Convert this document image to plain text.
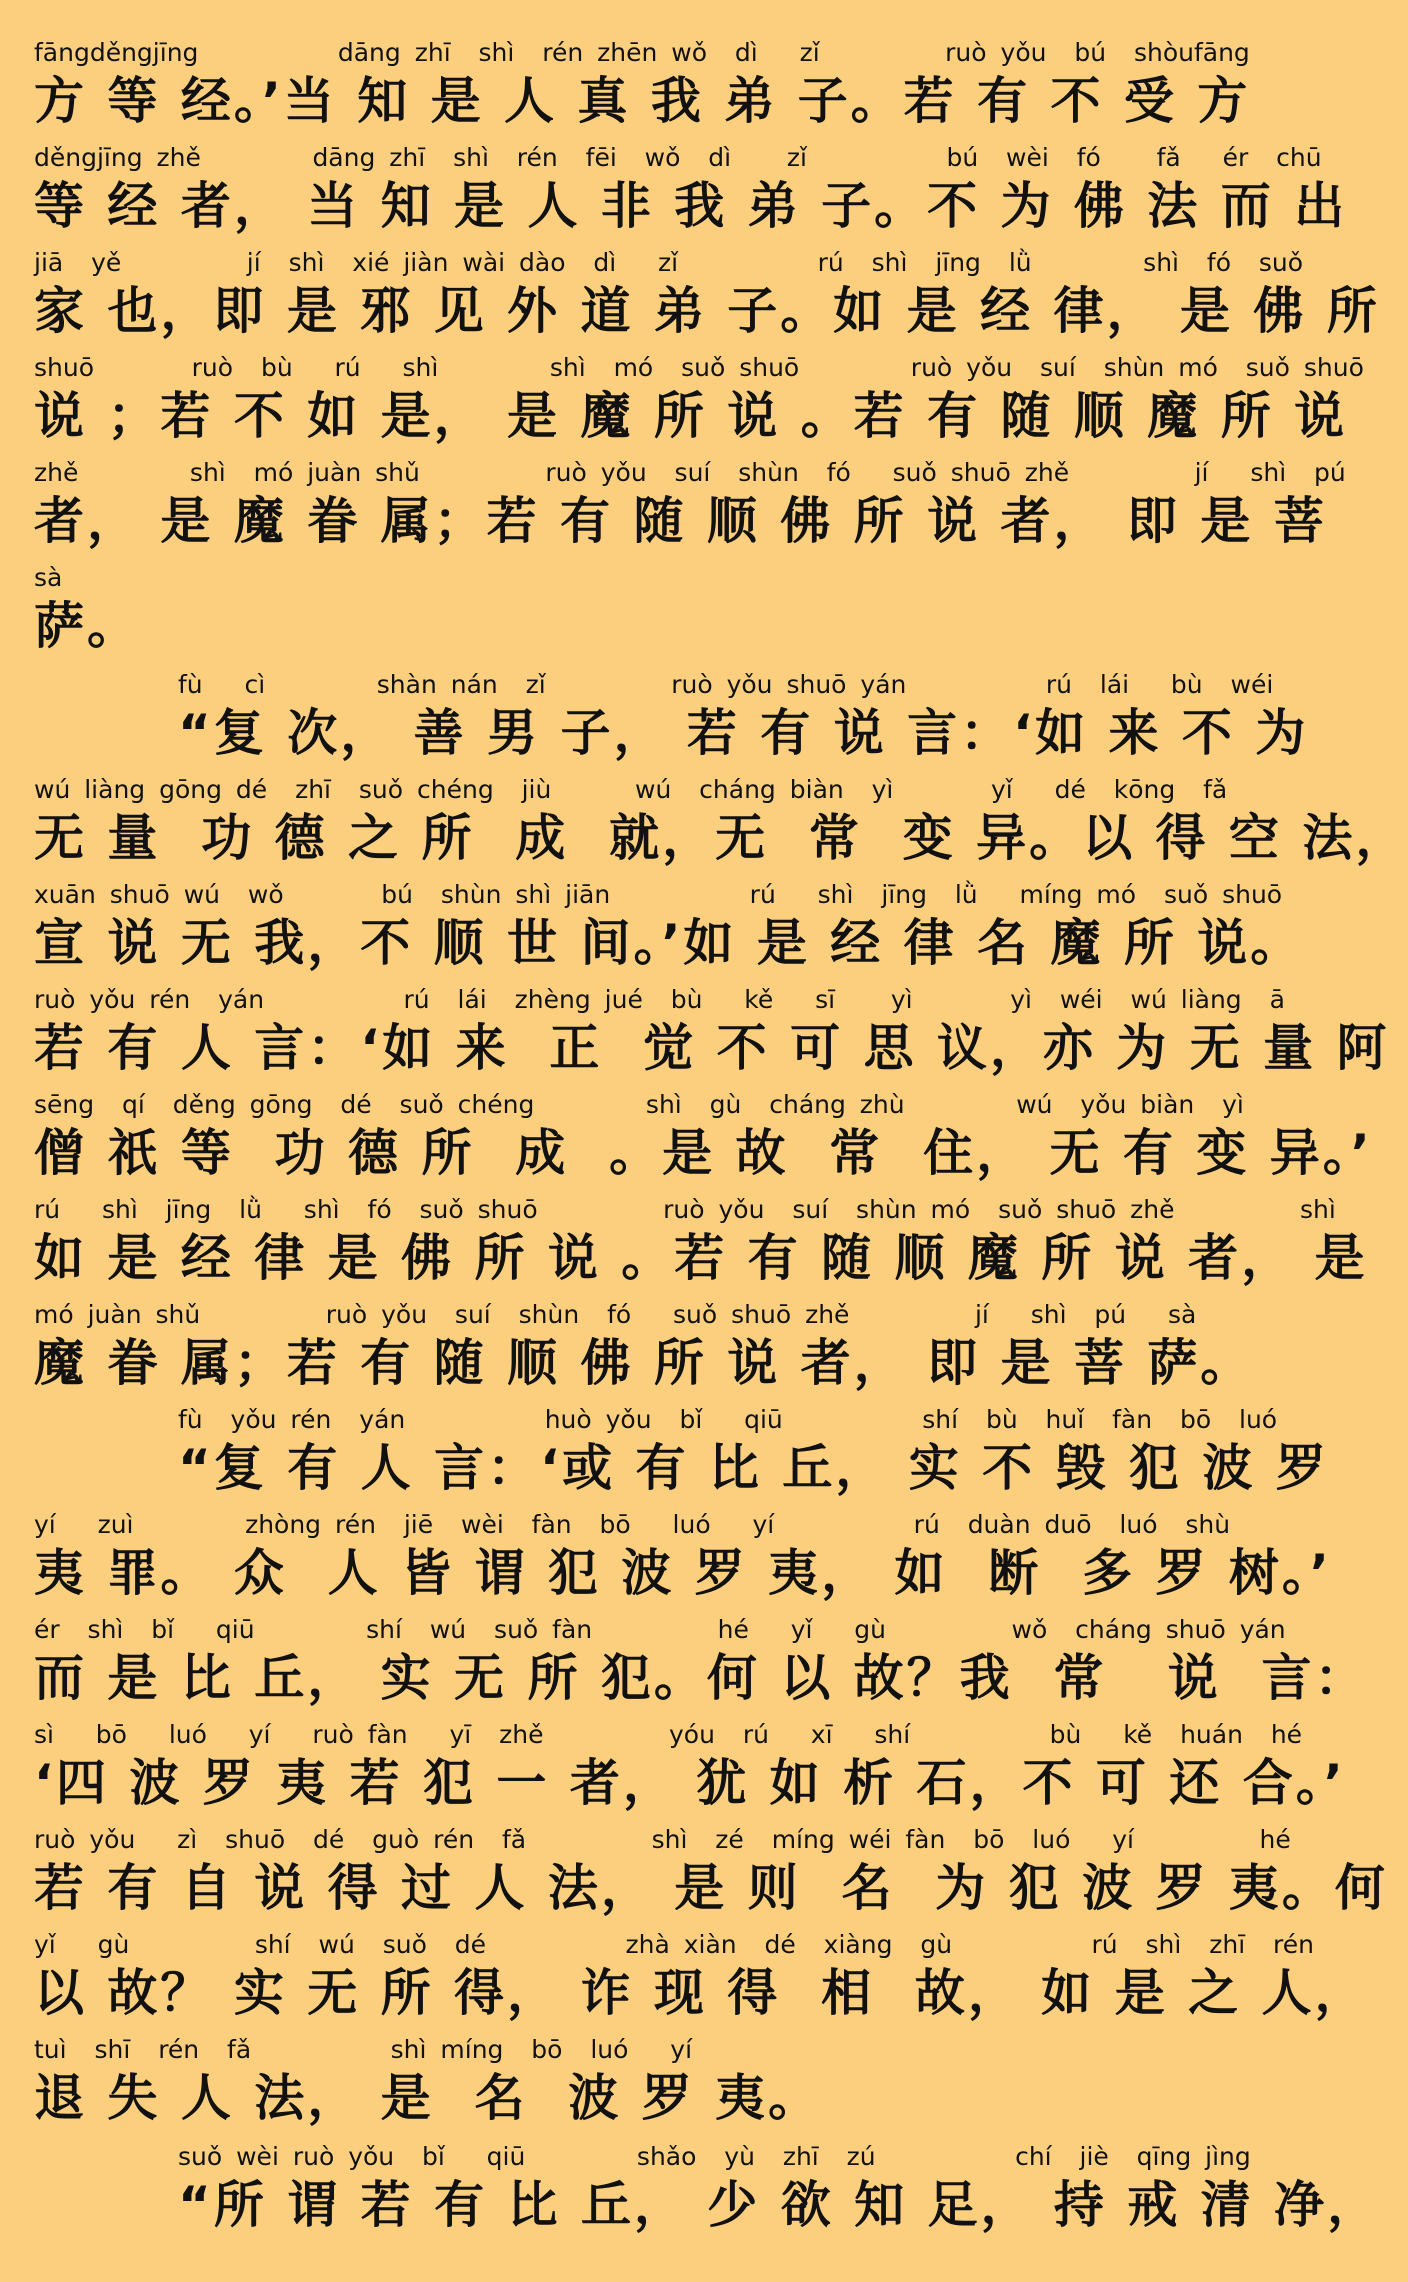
fāngděngjīng          dāng zhī  shì  rén zhēn wǒ  dì   zǐ         ruò yǒu  bú  shòufāng
方 等 经。’当 知 是 人 真 我 弟 子。若 有 不 受 方
děngjīng zhě        dāng zhī  shì  rén  fēi  wǒ  dì    zǐ          bú  wèi  fó    fǎ   ér  chū
等 经 者， 当 知 是 人 非 我 弟 子。不 为 佛 法 而 出
jiā  yě         jí  shì  xié jiàn wài dào  dì   zǐ          rú  shì  jīng  lǜ        shì  fó  suǒ
家 也，即 是 邪 见 外 道 弟 子。如 是 经 律， 是 佛 所
shuō       ruò  bù   rú   shì        shì  mó  suǒ shuō        ruò yǒu  suí  shùn mó  suǒ shuō
说 ；若 不 如 是， 是 魔 所 说 。若 有 随 顺 魔 所 说
zhě        shì  mó juàn shǔ         ruò yǒu  suí  shùn  fó   suǒ shuō zhě         jí   shì  pú
者， 是 魔 眷 属；若 有 随 顺 佛 所 说 者， 即 是 菩
sà
萨。
fù   cì        shàn nán  zǐ         ruò yǒu shuō yán          rú  lái   bù  wéi
“复 次， 善 男 子， 若 有 说 言：‘如 来 不 为
wú liàng gōng dé  zhī  suǒ chéng  jiù      wú  cháng biàn  yì       yǐ   dé  kōng  fǎ
无 量  功 德 之 所  成  就，无  常  变 异。以 得 空 法，
xuān shuō wú  wǒ       bú  shùn shì jiān          rú   shì  jīng  lǜ   míng mó  suǒ shuō
宣 说 无 我，不 顺 世 间。’如 是 经 律 名 魔 所 说。
ruò yǒu rén  yán          rú  lái  zhèng jué  bù   kě   sī    yì       yì  wéi  wú liàng  ā
若 有 人 言：‘如 来  正  觉 不 可 思 议，亦 为 无 量 阿
sēng  qí  děng gōng  dé  suǒ chéng        shì  gù  cháng zhù        wú  yǒu biàn  yì
僧 祇 等  功 德 所  成  。是 故  常  住， 无 有 变 异。’
rú   shì  jīng  lǜ   shì  fó  suǒ shuō         ruò yǒu  suí  shùn mó  suǒ shuō zhě         shì
如 是 经 律 是 佛 所 说 。若 有 随 顺 魔 所 说 者， 是
mó juàn shǔ         ruò yǒu  suí  shùn  fó   suǒ shuō zhě         jí   shì  pú   sà
魔 眷 属；若 有 随 顺 佛 所 说 者， 即 是 菩 萨。
fù  yǒu rén  yán          huò yǒu  bǐ   qiū          shí  bù  huǐ  fàn  bō  luó
“复 有 人 言：‘或 有 比 丘， 实 不 毁 犯 波 罗
yí   zuì        zhòng rén  jiē  wèi  fàn  bō   luó   yí          rú  duàn duō  luó  shù
夷 罪。 众  人 皆 谓 犯 波 罗 夷， 如  断  多 罗 树。’
ér  shì  bǐ   qiū        shí  wú  suǒ fàn         hé   yǐ   gù         wǒ  cháng shuō yán
而 是 比 丘， 实 无 所 犯。何 以 故？我  常   说  言：
sì   bō   luó   yí   ruò fàn   yī  zhě         yóu  rú   xī   shí          bù   kě  huán  hé
‘四 波 罗 夷 若 犯 一 者， 犹 如 析 石，不 可 还 合。’
ruò yǒu   zì  shuō  dé  guò rén  fǎ         shì  zé  míng wéi fàn  bō  luó   yí         hé
若 有 自 说 得 过 人 法， 是 则  名  为 犯 波 罗 夷。何
yǐ   gù         shí  wú  suǒ  dé          zhà xiàn  dé  xiàng  gù          rú  shì  zhī  rén
以 故？ 实 无 所 得， 诈 现 得  相  故， 如 是 之 人，
tuì  shī  rén  fǎ          shì míng  bō  luó   yí
退 失 人 法， 是  名  波 罗 夷。
suǒ wèi ruò yǒu  bǐ   qiū        shǎo  yù  zhī  zú          chí  jiè  qīng jìng
“所 谓 若 有 比 丘， 少 欲 知 足， 持 戒 清 净，
